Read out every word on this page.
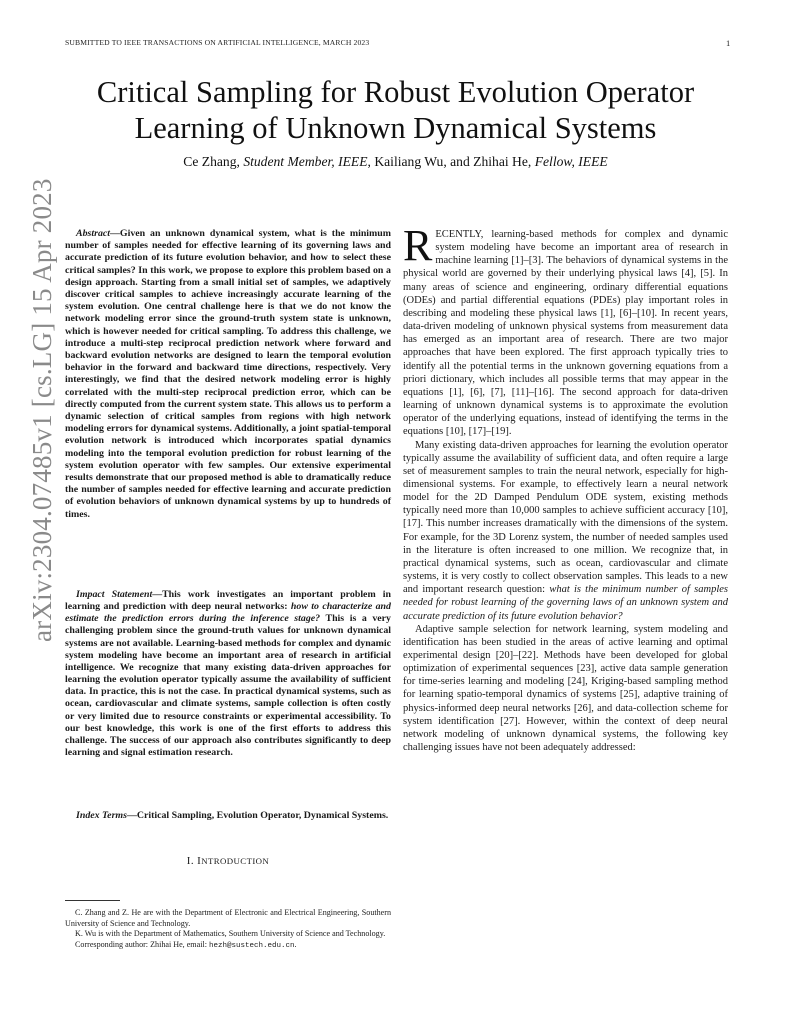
SUBMITTED TO IEEE TRANSACTIONS ON ARTIFICIAL INTELLIGENCE, MARCH 2023	1
arXiv:2304.07485v1 [cs.LG] 15 Apr 2023
Critical Sampling for Robust Evolution Operator
Learning of Unknown Dynamical Systems
Ce Zhang, Student Member, IEEE, Kailiang Wu, and Zhihai He, Fellow, IEEE

Abstract—Given an unknown dynamical system, what is the minimum number of samples needed for effective learning of its governing laws and accurate prediction of its future evolution behavior, and how to select these critical samples? In this work, we propose to explore this problem based on a design approach. Starting from a small initial set of samples, we adaptively discover critical samples to achieve increasingly accurate learning of the system evolution. One central challenge here is that we do not know the network modeling error since the ground-truth system state is unknown, which is however needed for critical sampling. To address this challenge, we introduce a multi-step reciprocal prediction network where forward and backward evolution networks are designed to learn the temporal evolution behavior in the forward and backward time directions, respectively. Very interestingly, we find that the desired network modeling error is highly correlated with the multi-step reciprocal prediction error, which can be directly computed from the current system state. This allows us to perform a dynamic selection of critical samples from regions with high network modeling errors for dynamical systems. Additionally, a joint spatial-temporal evolution network is introduced which incorporates spatial dynamics modeling into the temporal evolution prediction for robust learning of the system evolution operator with few samples. Our extensive experimental results demonstrate that our proposed method is able to dramatically reduce the number of samples needed for effective learning and accurate prediction of evolution behaviors of unknown dynamical systems by up to hundreds of times.

Impact Statement—This work investigates an important problem in learning and prediction with deep neural networks: how to characterize and estimate the prediction errors during the inference stage? This is a very challenging problem since the ground-truth values for unknown dynamical systems are not available. Learning-based methods for complex and dynamic system modeling have become an important area of research in artificial intelligence. We recognize that many existing data-driven approaches for learning the evolution operator typically assume the availability of sufficient data. In practice, this is not the case. In practical dynamical systems, such as ocean, cardiovascular and climate systems, sample collection is often costly or very limited due to resource constraints or experimental accessibility. To our best knowledge, this work is one of the first efforts to address this challenge. The success of our approach also contributes significantly to deep learning and signal estimation research.

Index Terms—Critical Sampling, Evolution Operator, Dynamical Systems.

I. INTRODUCTION

C. Zhang and Z. He are with the Department of Electronic and Electrical Engineering, Southern University of Science and Technology.

K. Wu is with the Department of Mathematics, Southern University of Science and Technology.

Corresponding author: Zhihai He, email: hezh@sustech.edu.cn.

RECENTLY, learning-based methods for complex and dynamic system modeling have become an important area of research in machine learning [1]–[3]. The behaviors of dynamical systems in the physical world are governed by their underlying physical laws [4], [5]. In many areas of science and engineering, ordinary differential equations (ODEs) and partial differential equations (PDEs) play important roles in describing and modeling these physical laws [1], [6]–[10]. In recent years, data-driven modeling of unknown physical systems from measurement data has emerged as an important area of research. There are two major approaches that have been explored. The first approach typically tries to identify all the potential terms in the unknown governing equations from a priori dictionary, which includes all possible terms that may appear in the equations [1], [6], [7], [11]–[16]. The second approach for data-driven learning of unknown dynamical systems is to approximate the evolution operator of the underlying equations, instead of identifying the terms in the equations [10], [17]–[19].

Many existing data-driven approaches for learning the evolution operator typically assume the availability of sufficient data, and often require a large set of measurement samples to train the neural network, especially for high-dimensional systems. For example, to effectively learn a neural network model for the 2D Damped Pendulum ODE system, existing methods typically need more than 10,000 samples to achieve sufficient accuracy [10], [17]. This number increases dramatically with the dimensions of the system. For example, for the 3D Lorenz system, the number of needed samples used in the literature is often increased to one million. We recognize that, in practical dynamical systems, such as ocean, cardiovascular and climate systems, it is very costly to collect observation samples. This leads to a new and important research question: what is the minimum number of samples needed for robust learning of the governing laws of an unknown system and accurate prediction of its future evolution behavior?

Adaptive sample selection for network learning, system modeling and identification has been studied in the areas of active learning and optimal experimental design [20]–[22]. Methods have been developed for global optimization of experimental sequences [23], active data sample generation for time-series learning and modeling [24], Kriging-based sampling method for learning spatio-temporal dynamics of systems [25], adaptive training of physics-informed deep neural networks [26], and data-collection scheme for system identification [27]. However, within the context of deep neural network modeling of unknown dynamical systems, the following key challenging issues have not been adequately addressed:
